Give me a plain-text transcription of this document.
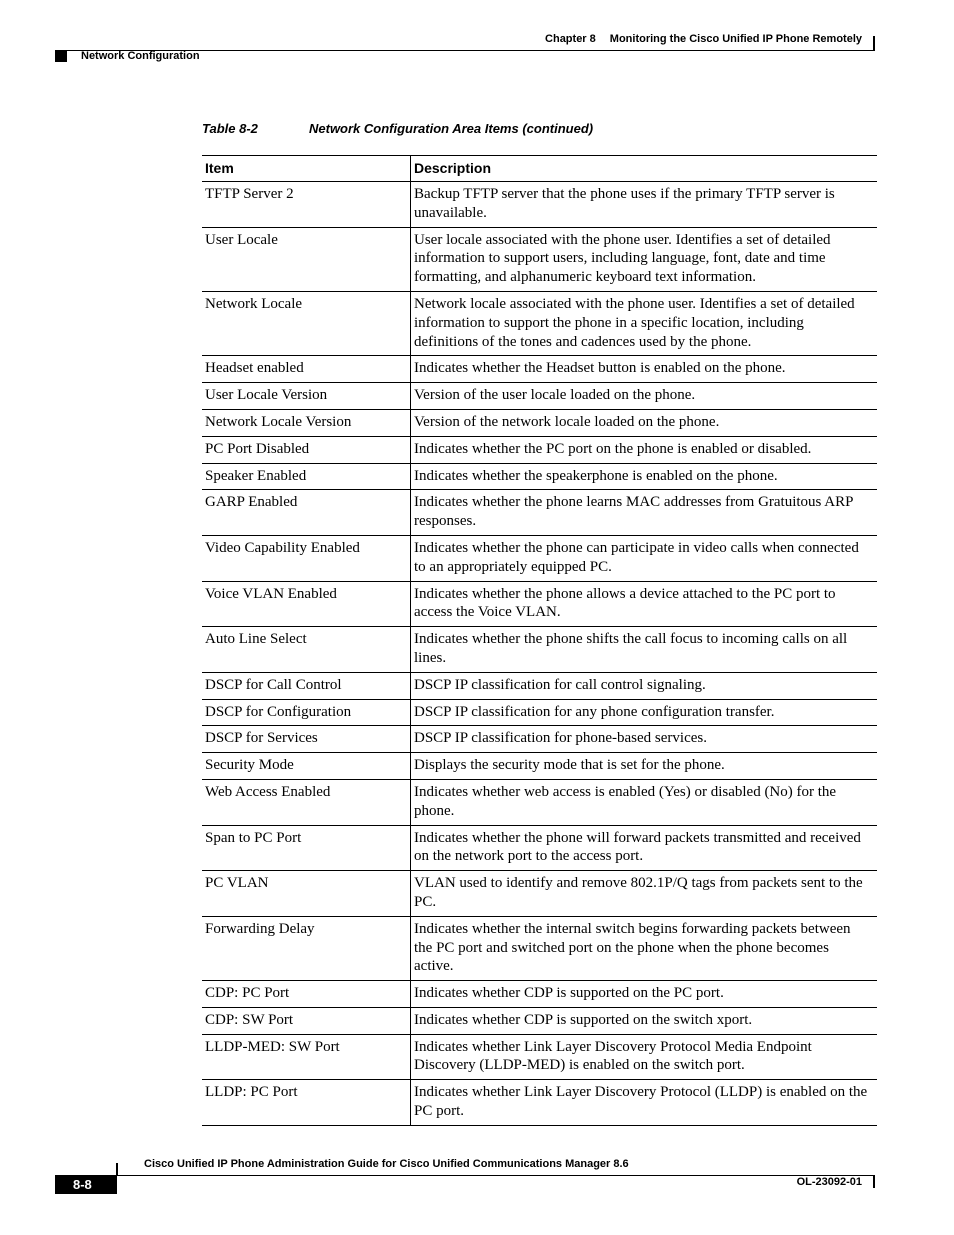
Chapter 8 Monitoring the Cisco Unified IP Phone Remotely
Network Configuration
Table 8-2	Network Configuration Area Items (continued)
Item	Description
TFTP Server 2	Backup TFTP server that the phone uses if the primary TFTP server is unavailable.
User Locale	User locale associated with the phone user. Identifies a set of detailed information to support users, including language, font, date and time formatting, and alphanumeric keyboard text information.
Network Locale	Network locale associated with the phone user. Identifies a set of detailed information to support the phone in a specific location, including definitions of the tones and cadences used by the phone.
Headset enabled	Indicates whether the Headset button is enabled on the phone.
User Locale Version	Version of the user locale loaded on the phone.
Network Locale Version	Version of the network locale loaded on the phone.
PC Port Disabled	Indicates whether the PC port on the phone is enabled or disabled.
Speaker Enabled	Indicates whether the speakerphone is enabled on the phone.
GARP Enabled	Indicates whether the phone learns MAC addresses from Gratuitous ARP responses.
Video Capability Enabled	Indicates whether the phone can participate in video calls when connected to an appropriately equipped PC.
Voice VLAN Enabled	Indicates whether the phone allows a device attached to the PC port to access the Voice VLAN.
Auto Line Select	Indicates whether the phone shifts the call focus to incoming calls on all lines.
DSCP for Call Control	DSCP IP classification for call control signaling.
DSCP for Configuration	DSCP IP classification for any phone configuration transfer.
DSCP for Services	DSCP IP classification for phone-based services.
Security Mode	Displays the security mode that is set for the phone.
Web Access Enabled	Indicates whether web access is enabled (Yes) or disabled (No) for the phone.
Span to PC Port	Indicates whether the phone will forward packets transmitted and received on the network port to the access port.
PC VLAN	VLAN used to identify and remove 802.1P/Q tags from packets sent to the PC.
Forwarding Delay	Indicates whether the internal switch begins forwarding packets between the PC port and switched port on the phone when the phone becomes active.
CDP: PC Port	Indicates whether CDP is supported on the PC port.
CDP: SW Port	Indicates whether CDP is supported on the switch xport.
LLDP-MED: SW Port	Indicates whether Link Layer Discovery Protocol Media Endpoint Discovery (LLDP-MED) is enabled on the switch port.
LLDP: PC Port	Indicates whether Link Layer Discovery Protocol (LLDP) is enabled on the PC port.
Cisco Unified IP Phone Administration Guide for Cisco Unified Communications Manager 8.6
8-8	OL-23092-01
